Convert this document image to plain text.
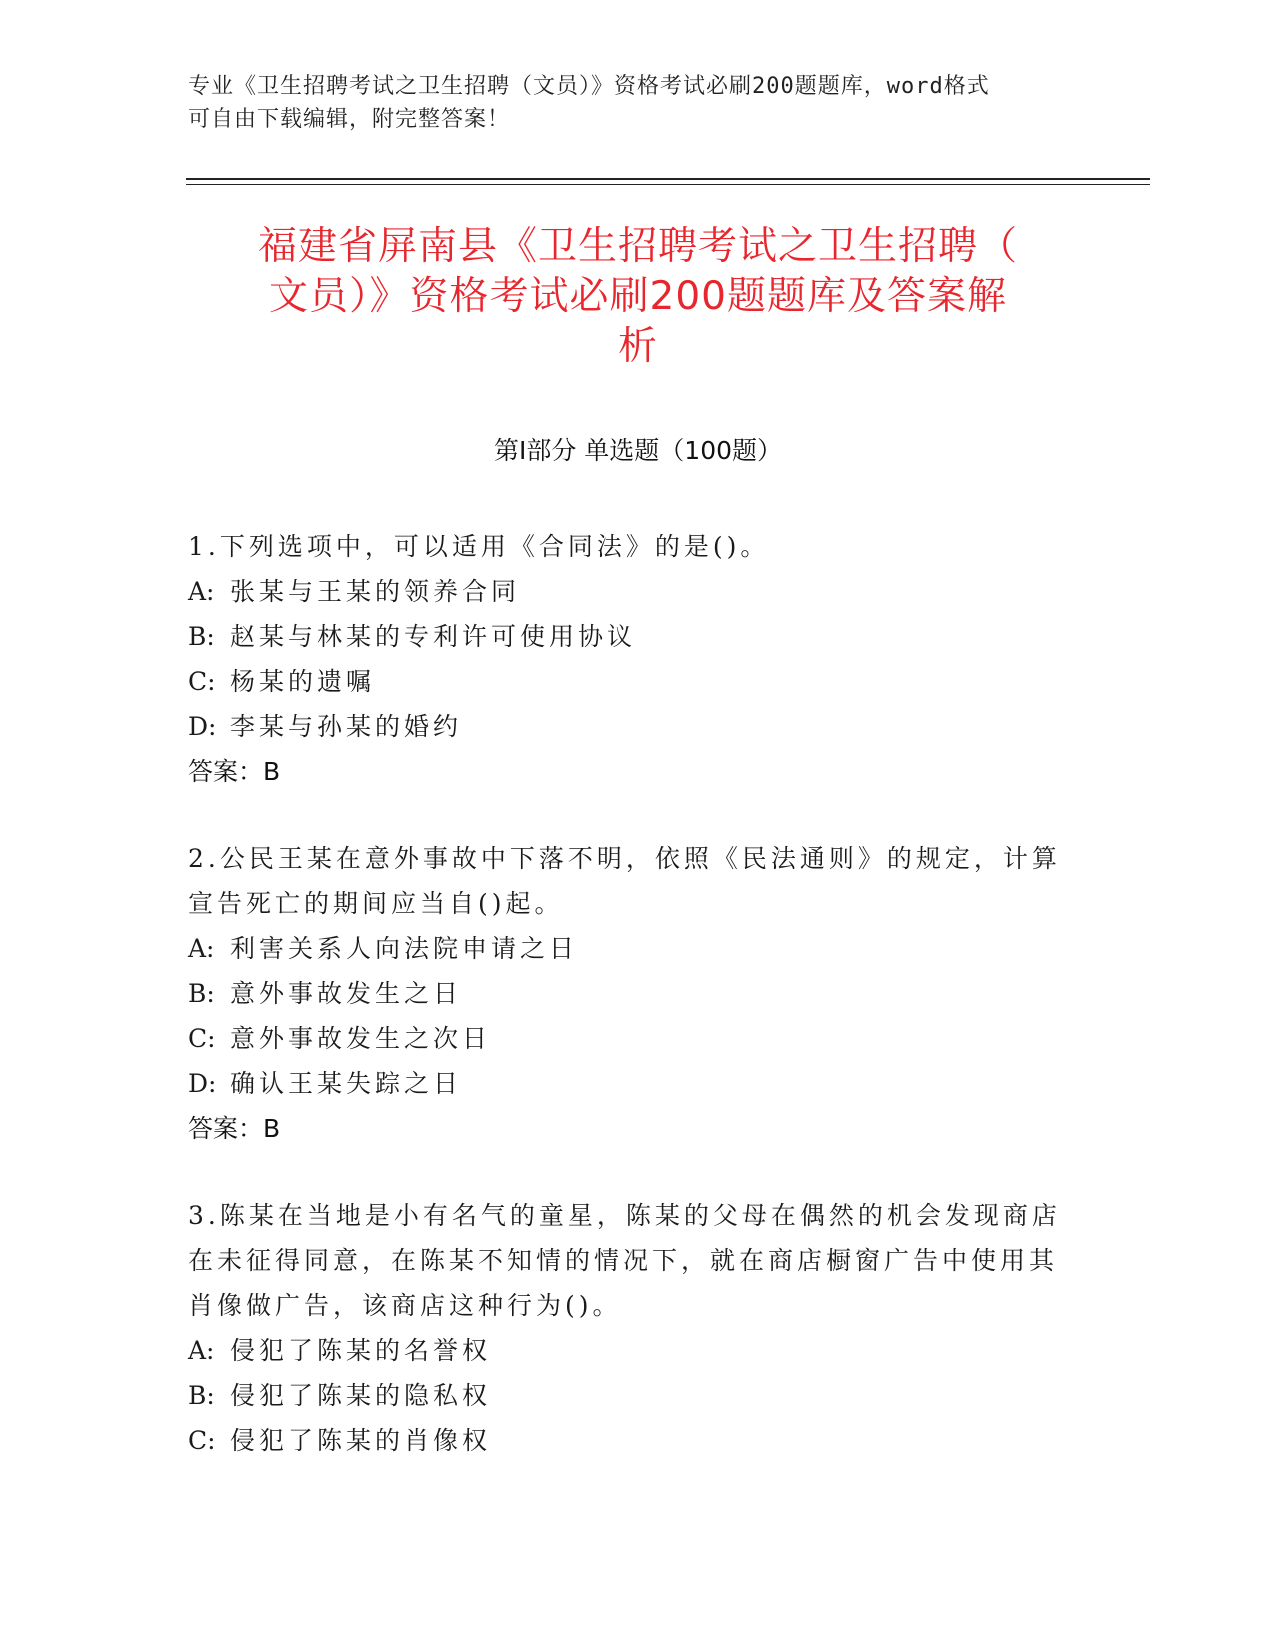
专业《卫生招聘考试之卫生招聘（文员）》资格考试必刷200题题库，word格式
可自由下载编辑，附完整答案！
福建省屏南县《卫生招聘考试之卫生招聘（
文员）》资格考试必刷200题题库及答案解
析
第Ⅰ部分 单选题（100题）

1.下列选项中，可以适用《合同法》的是()。

A: 张某与王某的领养合同

B: 赵某与林某的专利许可使用协议

C: 杨某的遗嘱

D: 李某与孙某的婚约

答案：B

2.公民王某在意外事故中下落不明，依照《民法通则》的规定，计算

宣告死亡的期间应当自()起。

A: 利害关系人向法院申请之日

B: 意外事故发生之日

C: 意外事故发生之次日

D: 确认王某失踪之日

答案：B

3.陈某在当地是小有名气的童星，陈某的父母在偶然的机会发现商店

在未征得同意，在陈某不知情的情况下，就在商店橱窗广告中使用其

肖像做广告，该商店这种行为()。

A: 侵犯了陈某的名誉权

B: 侵犯了陈某的隐私权

C: 侵犯了陈某的肖像权
